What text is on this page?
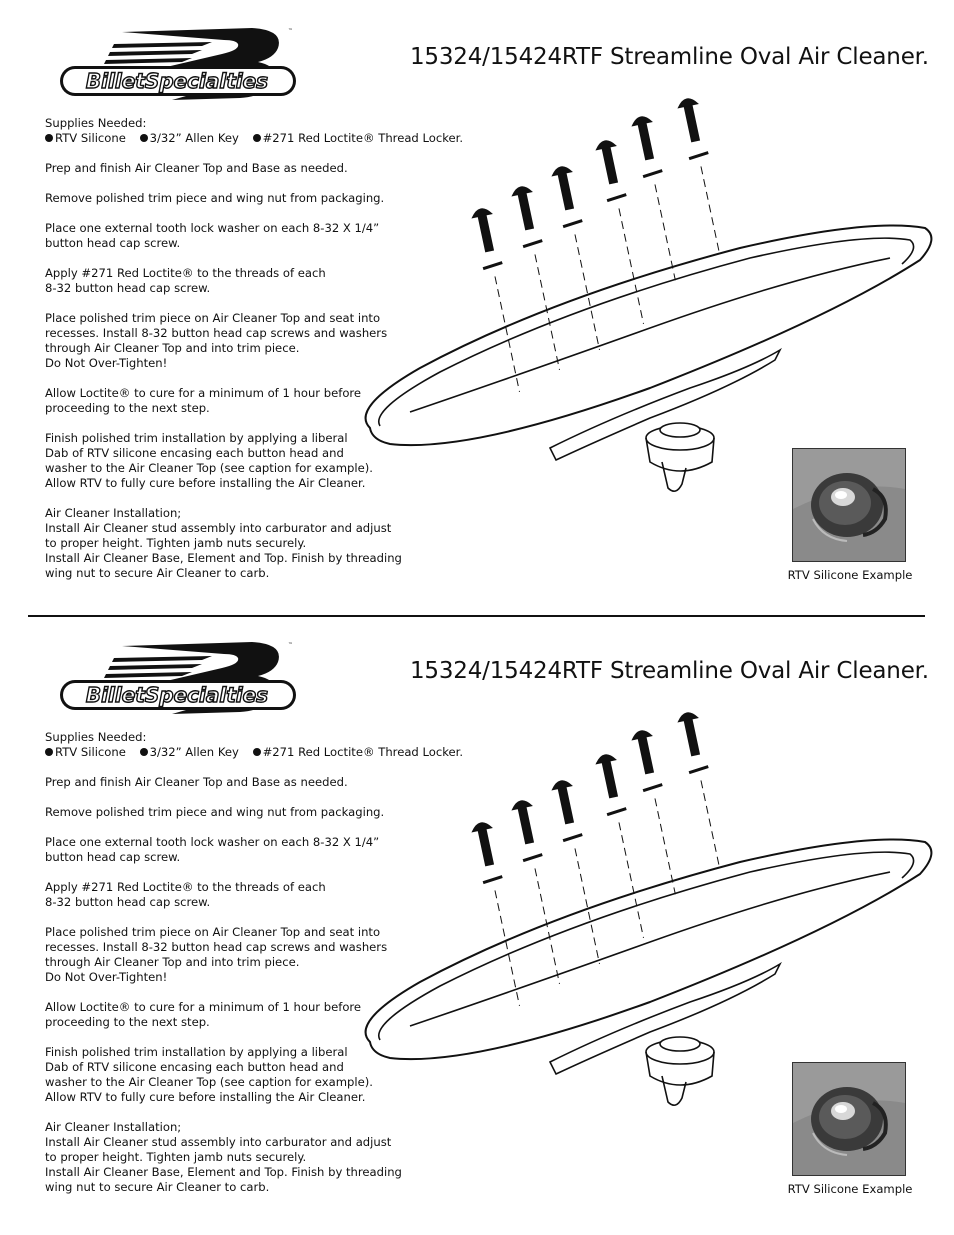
BilletSpecialties
™
15324/15424RTF Streamline Oval Air Cleaner.
Supplies Needed:
RTV Silicone 3/32” Allen Key #271 Red Loctite® Thread Locker.

Prep and finish Air Cleaner Top and Base as needed.

Remove polished trim piece and wing nut from packaging.

Place one external tooth lock washer on each 8-32 X 1/4”
button head cap screw.

Apply #271 Red Loctite® to the threads of each
8-32 button head cap screw.

Place polished trim piece on Air Cleaner Top and seat into
recesses. Install 8-32 button head cap screws and washers
through Air Cleaner Top and into trim piece.
Do Not Over-Tighten!

Allow Loctite® to cure for a minimum of 1 hour before
proceeding to the next step.

Finish polished trim installation by applying a liberal
Dab of RTV silicone encasing each button head and
washer to the Air Cleaner Top (see caption for example).
Allow RTV to fully cure before installing the Air Cleaner.

Air Cleaner Installation;
Install Air Cleaner stud assembly into carburator and adjust
to proper height. Tighten jamb nuts securely.
Install Air Cleaner Base, Element and Top. Finish by threading
wing nut to secure Air Cleaner to carb.	RTV Silicone Example
BilletSpecialties
™
15324/15424RTF Streamline Oval Air Cleaner.
Supplies Needed:
RTV Silicone 3/32” Allen Key #271 Red Loctite® Thread Locker.

Prep and finish Air Cleaner Top and Base as needed.

Remove polished trim piece and wing nut from packaging.

Place one external tooth lock washer on each 8-32 X 1/4”
button head cap screw.

Apply #271 Red Loctite® to the threads of each
8-32 button head cap screw.

Place polished trim piece on Air Cleaner Top and seat into
recesses. Install 8-32 button head cap screws and washers
through Air Cleaner Top and into trim piece.
Do Not Over-Tighten!

Allow Loctite® to cure for a minimum of 1 hour before
proceeding to the next step.

Finish polished trim installation by applying a liberal
Dab of RTV silicone encasing each button head and
washer to the Air Cleaner Top (see caption for example).
Allow RTV to fully cure before installing the Air Cleaner.

Air Cleaner Installation;
Install Air Cleaner stud assembly into carburator and adjust
to proper height. Tighten jamb nuts securely.
Install Air Cleaner Base, Element and Top. Finish by threading
wing nut to secure Air Cleaner to carb.	RTV Silicone Example
